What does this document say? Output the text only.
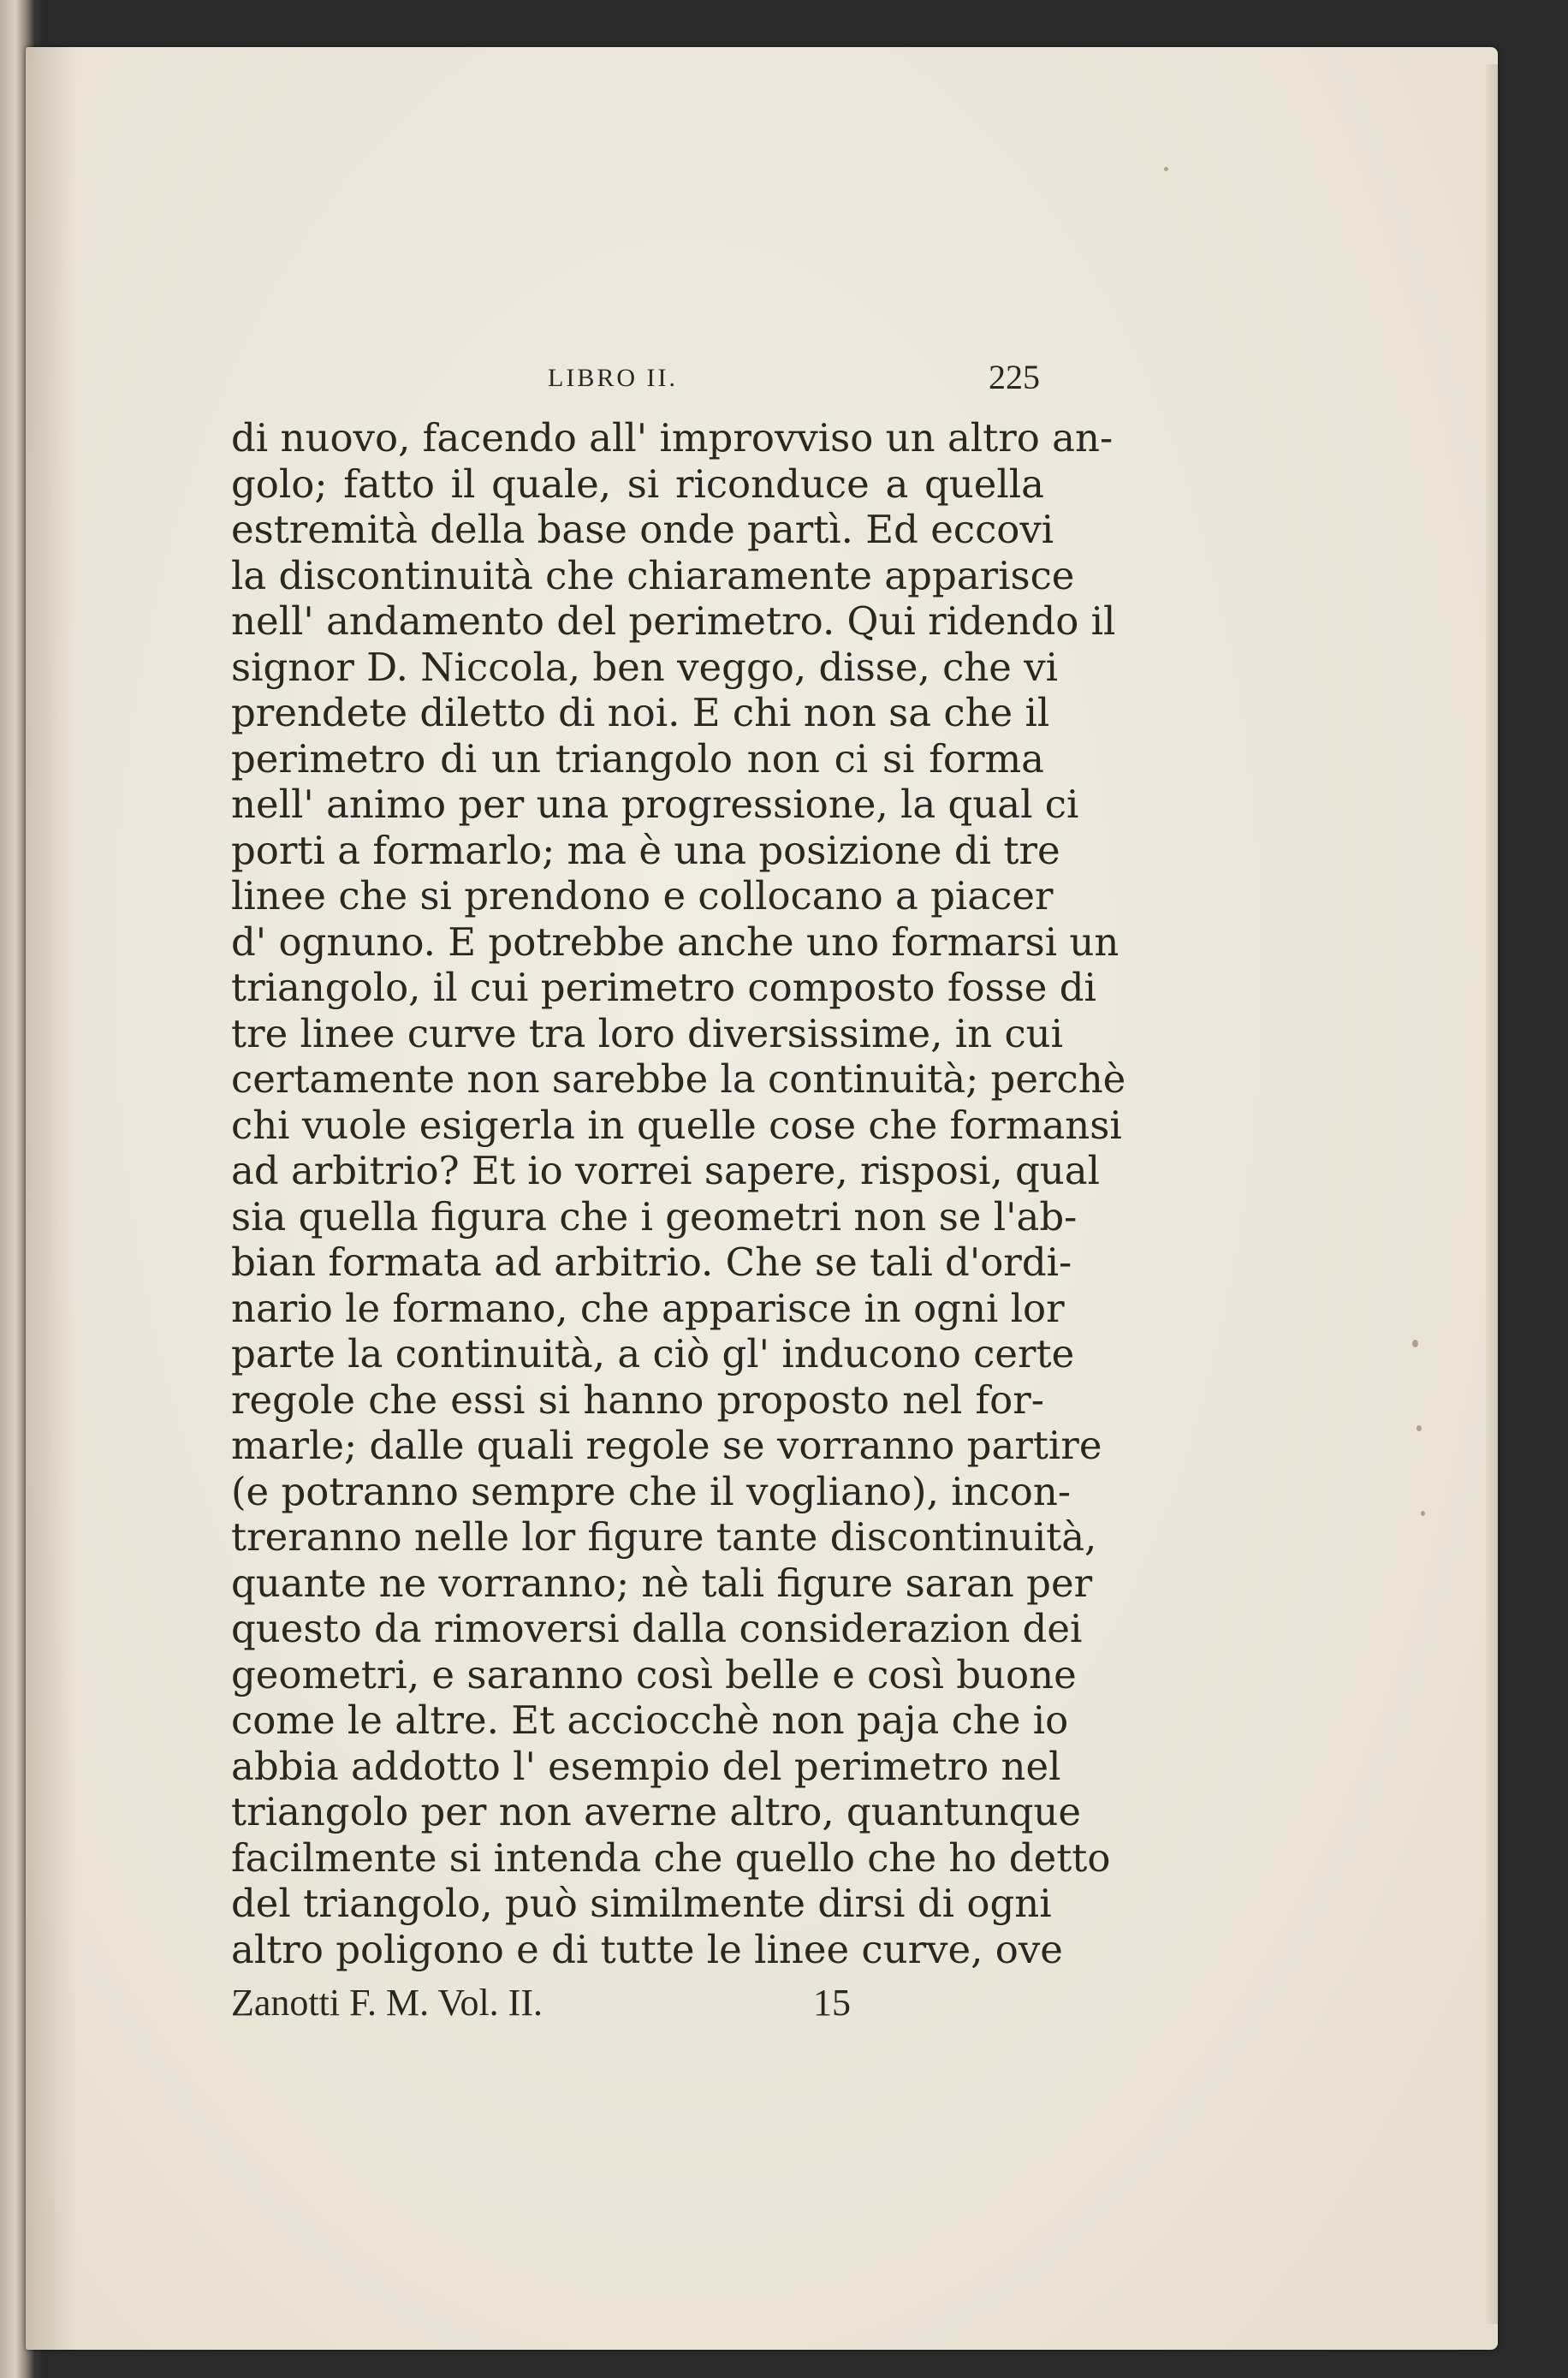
LIBRO II.	225
di nuovo, facendo all' improvviso un altro an-
golo; fatto il quale, si riconduce a quella
estremità della base onde partì. Ed eccovi
la discontinuità che chiaramente apparisce
nell' andamento del perimetro. Qui ridendo il
signor D. Niccola, ben veggo, disse, che vi
prendete diletto di noi. E chi non sa che il
perimetro di un triangolo non ci si forma
nell' animo per una progressione, la qual ci
porti a formarlo; ma è una posizione di tre
linee che si prendono e collocano a piacer
d' ognuno. E potrebbe anche uno formarsi un
triangolo, il cui perimetro composto fosse di
tre linee curve tra loro diversissime, in cui
certamente non sarebbe la continuità; perchè
chi vuole esigerla in quelle cose che formansi
ad arbitrio? Et io vorrei sapere, risposi, qual
sia quella figura che i geometri non se l'ab-
bian formata ad arbitrio. Che se tali d'ordi-
nario le formano, che apparisce in ogni lor
parte la continuità, a ciò gl' inducono certe
regole che essi si hanno proposto nel for-
marle; dalle quali regole se vorranno partire
(e potranno sempre che il vogliano), incon-
treranno nelle lor figure tante discontinuità,
quante ne vorranno; nè tali figure saran per
questo da rimoversi dalla considerazion dei
geometri, e saranno così belle e così buone
come le altre. Et acciocchè non paja che io
abbia addotto l' esempio del perimetro nel
triangolo per non averne altro, quantunque
facilmente si intenda che quello che ho detto
del triangolo, può similmente dirsi di ogni
altro poligono e di tutte le linee curve, ove
Zanotti F. M. Vol. II.	15
